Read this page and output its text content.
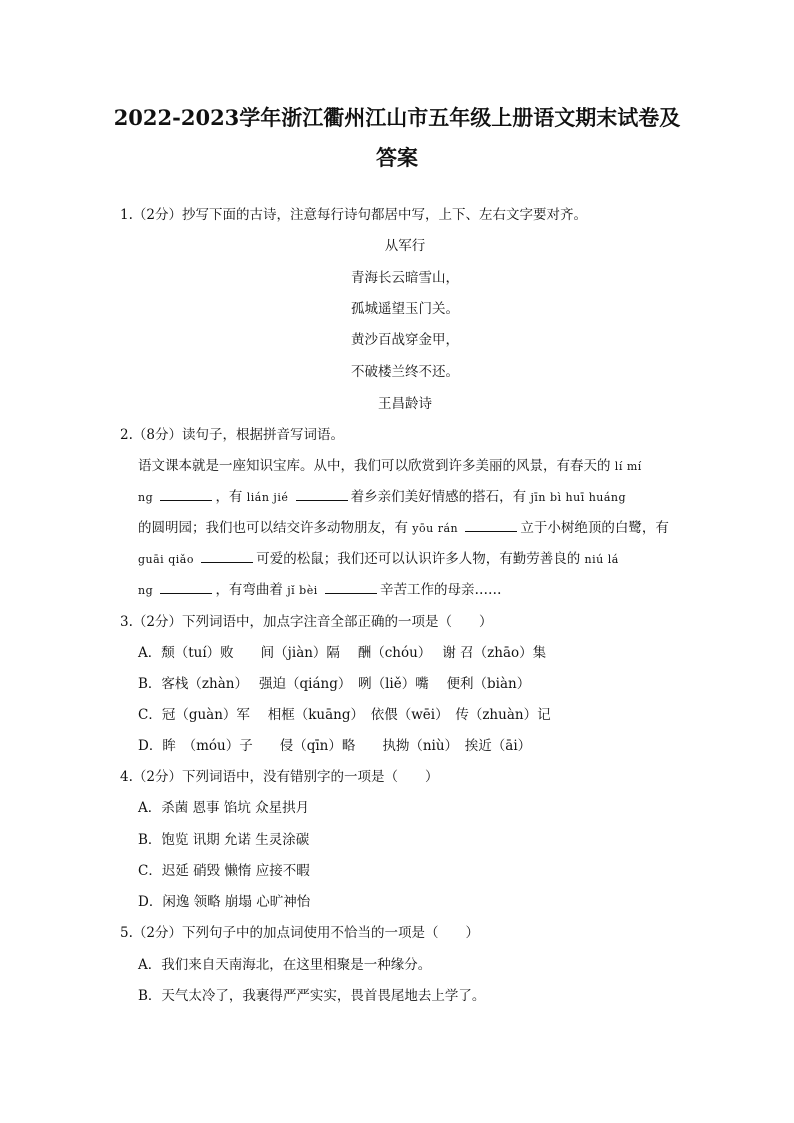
2022-2023学年浙江衢州江山市五年级上册语文期末试卷及
答案
1.（2分）抄写下面的古诗，注意每行诗句都居中写，上下、左右文字要对齐。
从军行
青海长云暗雪山，
孤城遥望玉门关。
黄沙百战穿金甲，
不破楼兰终不还。
王昌龄诗
2.（8分）读句子，根据拼音写词语。
语文课本就是一座知识宝库。从中，我们可以欣赏到许多美丽的风景，有春天的 lí mí
ng	，有 lián jié	着乡亲们美好情感的搭石，有 jīn bì huī huáng
的圆明园；我们也可以结交许多动物朋友，有 yōu rán	立于小树绝顶的白鹭，有
guāi qiǎo	可爱的松鼠；我们还可以认识许多人物，有勤劳善良的 niú lá
ng	，有弯曲着 jǐ bèi	辛苦工作的母亲……
3.（2分）下列词语中，加点字注音全部正确的一项是（　　）
A．颓（tuí）败　　间（jiàn）隔　 酬（chóu）　 谢 召（zhāo）集
B．客栈（zhàn）　 强迫（qiáng）　咧（liě）嘴　 便利（biàn）
C．冠（guàn）军　 相框（kuāng）　依偎（wēi）　传（zhuàn）记
D．眸　（móu）子　　侵（qīn）略　　执拗（niù）　挨近（āi）
4.（2分）下列词语中，没有错别字的一项是（　　）
A．杀菌 恩事 馅坑 众星拱月
B．饱览 讯期 允诺 生灵涂碳
C．迟延 硝毁 懒惰 应接不暇
D．闲逸 领略 崩塌 心旷神怡
5.（2分）下列句子中的加点词使用不恰当的一项是（　　）
A．我们来自天南海北，在这里相聚是一种缘分。
B．天气太冷了，我裹得严严实实，畏首畏尾地去上学了。
